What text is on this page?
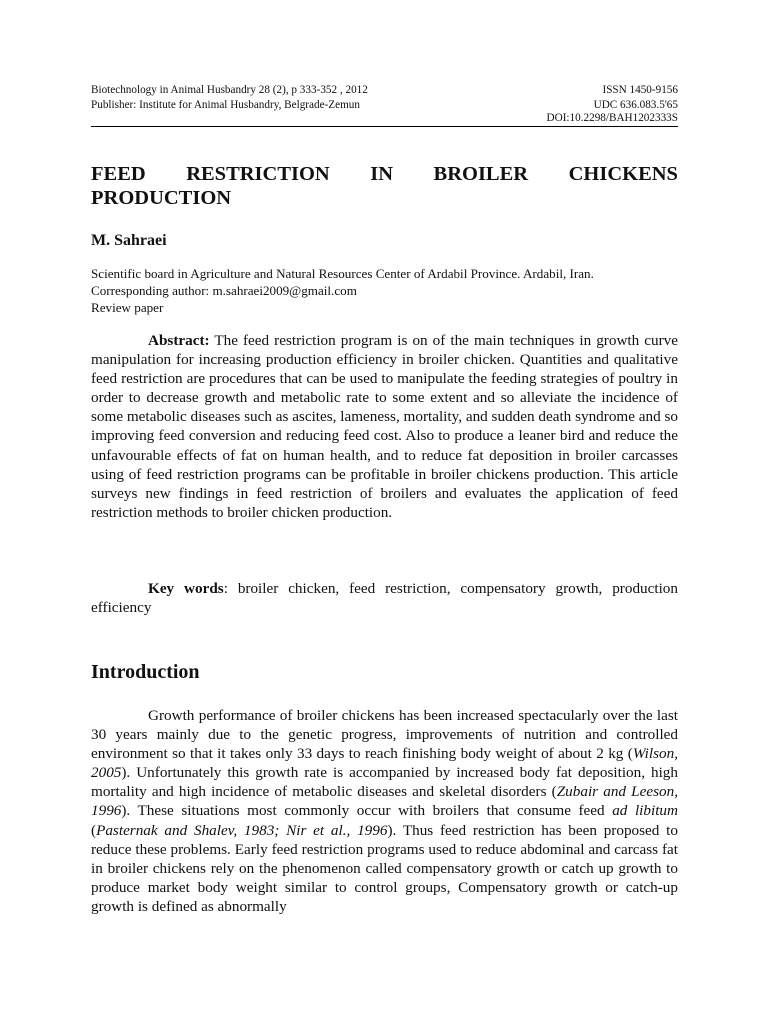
Biotechnology in Animal Husbandry 28 (2), p 333-352 , 2012
Publisher: Institute for Animal Husbandry, Belgrade-Zemun
ISSN 1450-9156
UDC 636.083.5'65
DOI:10.2298/BAH1202333S
FEED RESTRICTION IN BROILER CHICKENS
PRODUCTION
M. Sahraei
Scientific board in Agriculture and Natural Resources Center of Ardabil Province. Ardabil, Iran.
Corresponding author: m.sahraei2009@gmail.com
Review paper

Abstract: The feed restriction program is on of the main techniques in growth curve manipulation for increasing production efficiency in broiler chicken. Quantities and qualitative feed restriction are procedures that can be used to manipulate the feeding strategies of poultry in order to decrease growth and metabolic rate to some extent and so alleviate the incidence of some metabolic diseases such as ascites, lameness, mortality, and sudden death syndrome and so improving feed conversion and reducing feed cost. Also to produce a leaner bird and reduce the unfavourable effects of fat on human health, and to reduce fat deposition in broiler carcasses using of feed restriction programs can be profitable in broiler chickens production. This article surveys new findings in feed restriction of broilers and evaluates the application of feed restriction methods to broiler chicken production.

Key words: broiler chicken, feed restriction, compensatory growth, production efficiency

Introduction

Growth performance of broiler chickens has been increased spectacularly over the last 30 years mainly due to the genetic progress, improvements of nutrition and controlled environment so that it takes only 33 days to reach finishing body weight of about 2 kg (Wilson, 2005). Unfortunately this growth rate is accompanied by increased body fat deposition, high mortality and high incidence of metabolic diseases and skeletal disorders (Zubair and Leeson, 1996). These situations most commonly occur with broilers that consume feed ad libitum (Pasternak and Shalev, 1983; Nir et al., 1996). Thus feed restriction has been proposed to reduce these problems. Early feed restriction programs used to reduce abdominal and carcass fat in broiler chickens rely on the phenomenon called compensatory growth or catch up growth to produce market body weight similar to control groups, Compensatory growth or catch-up growth is defined as abnormally
